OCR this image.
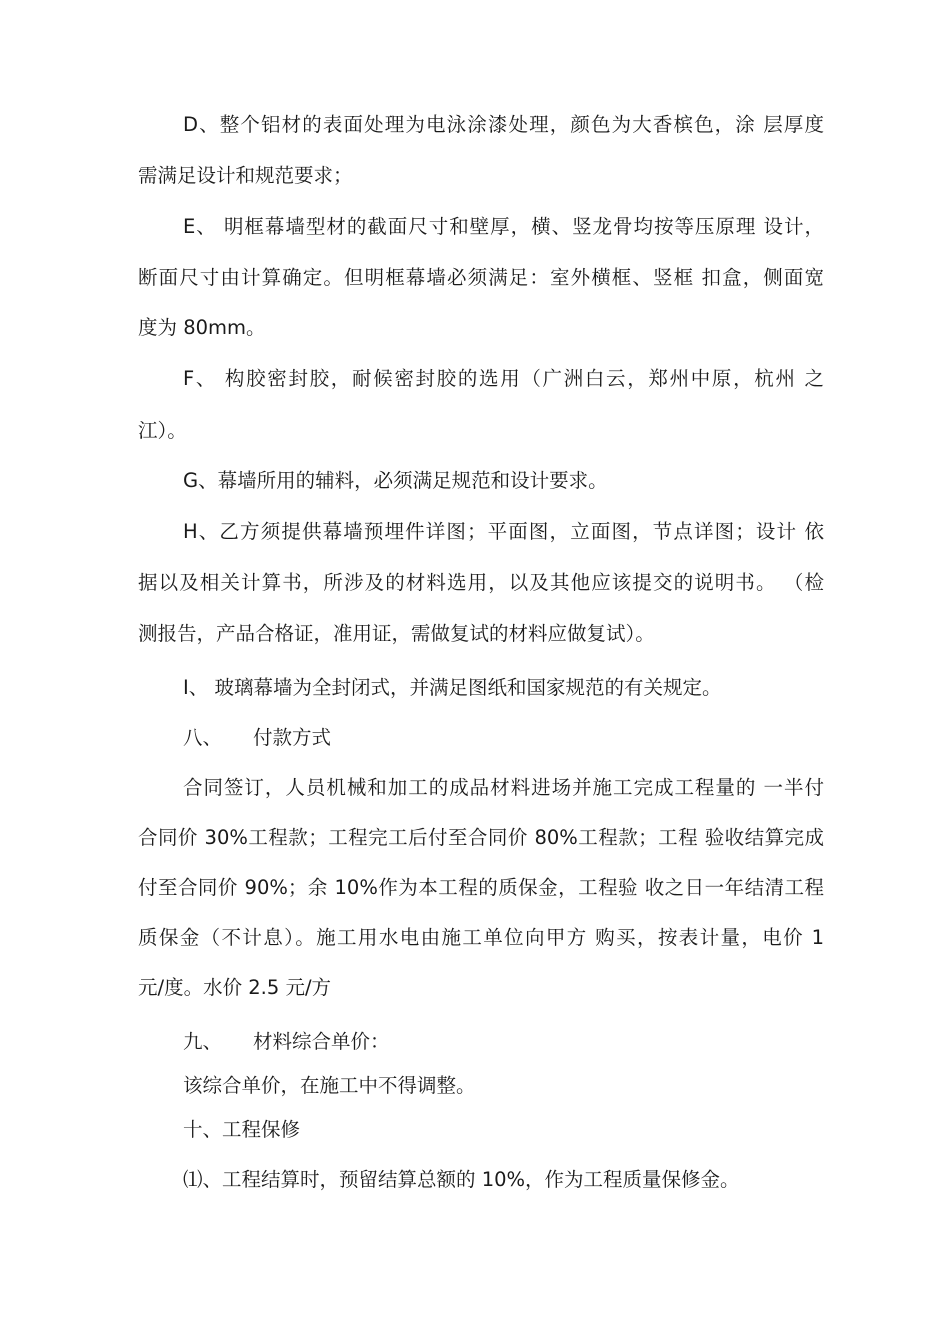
D、整个铝材的表面处理为电泳涂漆处理，颜色为大香槟色，涂 层厚度
需满足设计和规范要求；
E、 明框幕墙型材的截面尺寸和壁厚，横、竖龙骨均按等压原理 设计，
断面尺寸由计算确定。但明框幕墙必须满足：室外横框、竖框 扣盒，侧面宽
度为 80mm。
F、 构胶密封胶，耐候密封胶的选用（广洲白云，郑州中原，杭州 之
江）。
G、幕墙所用的辅料，必须满足规范和设计要求。
H、乙方须提供幕墙预埋件详图；平面图，立面图，节点详图；设计 依
据以及相关计算书，所涉及的材料选用，以及其他应该提交的说明书。 （检
测报告，产品合格证，准用证，需做复试的材料应做复试）。
I、 玻璃幕墙为全封闭式，并满足图纸和国家规范的有关规定。
八、	付款方式
合同签订，人员机械和加工的成品材料进场并施工完成工程量的 一半付
合同价 30%工程款；工程完工后付至合同价 80%工程款；工程 验收结算完成
付至合同价 90%；余 10%作为本工程的质保金，工程验 收之日一年结清工程
质保金（不计息）。施工用水电由施工单位向甲方 购买，按表计量，电价 1
元/度。水价 2.5 元/方
九、	材料综合单价：
该综合单价，在施工中不得调整。
十、工程保修
⑴、工程结算时，预留结算总额的 10%，作为工程质量保修金。
